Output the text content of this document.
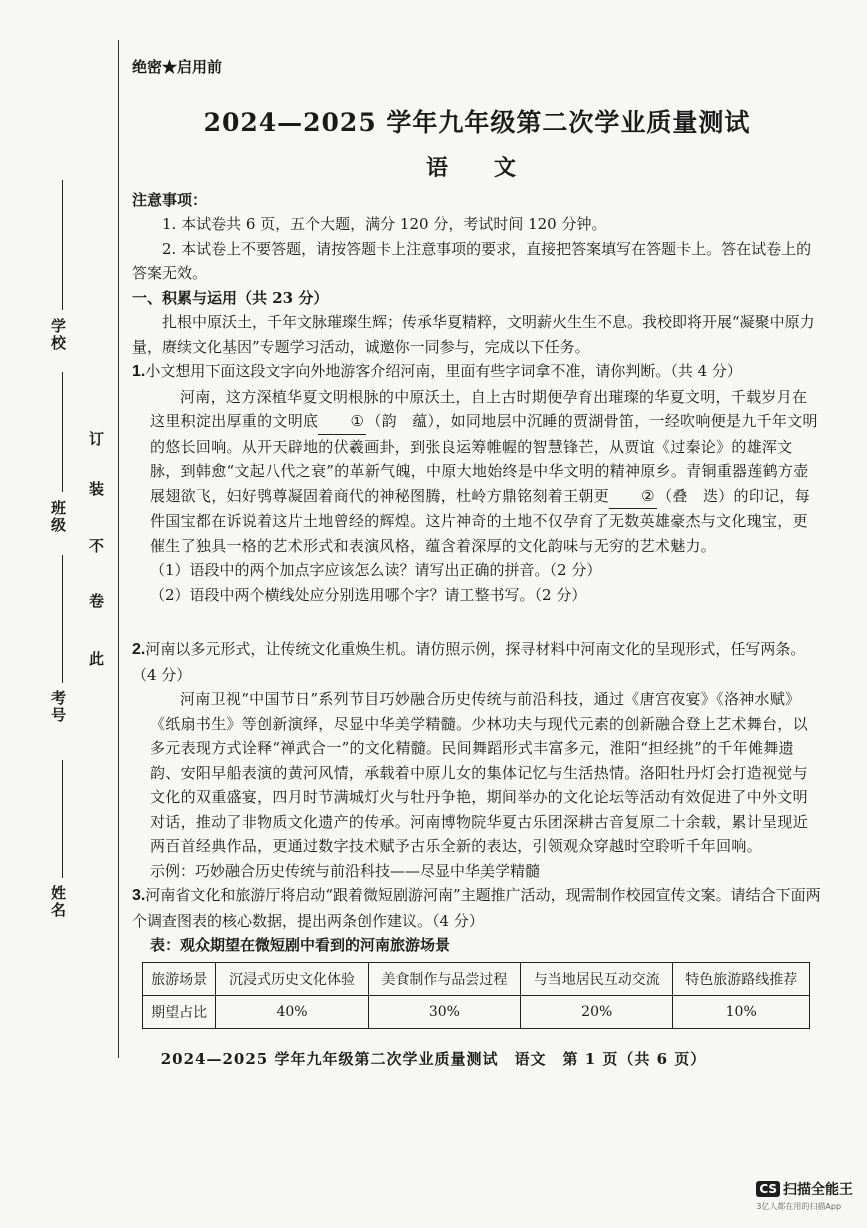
学校
班级
考号
姓名
订
装
不
卷
此
绝密★启用前
2024—2025 学年九年级第二次学业质量测试
语　文
注意事项：
1. 本试卷共 6 页，五个大题，满分 120 分，考试时间 120 分钟。
2. 本试卷上不要答题，请按答题卡上注意事项的要求，直接把答案填写在答题卡上。答在试卷上的答案无效。
一、积累与运用（共 23 分）
扎根中原沃土，千年文脉璀璨生辉；传承华夏精粹，文明薪火生生不息。我校即将开展“凝聚中原力量，赓续文化基因”专题学习活动，诚邀你一同参与，完成以下任务。
1.小文想用下面这段文字向外地游客介绍河南，里面有些字词拿不准，请你判断。（共 4 分）
河南，这方深植华夏文明根脉的中原沃土，自上古时期便孕育出璀璨的华夏文明，千载岁月在这里积淀出厚重的文明底 ① （韵　蕴），如同地层中沉睡的贾湖骨笛，一经吹响便是九千年文明的悠长回响。从开天辟地的伏羲画卦，到张良运筹帷幄的智慧锋芒，从贾谊《过秦论》的雄浑文脉，到韩愈“文起八代之衰”的革新气魄，中原大地始终是中华文明的精神原乡。青铜重器莲鹤方壶展翅欲飞，妇好鸮尊凝固着商代的神秘图腾，杜岭方鼎铭刻着王朝更 ② （叠　迭）的印记，每件国宝都在诉说着这片土地曾经的辉煌。这片神奇的土地不仅孕育了无数英雄豪杰与文化瑰宝，更催生了独具一格的艺术形式和表演风格，蕴含着深厚的文化韵味与无穷的艺术魅力。
（1）语段中的两个加点字应该怎么读？请写出正确的拼音。（2 分）
（2）语段中两个横线处应分别选用哪个字？请工整书写。（2 分）
2.河南以多元形式，让传统文化重焕生机。请仿照示例，探寻材料中河南文化的呈现形式，任写两条。（4 分）
河南卫视“中国节日”系列节目巧妙融合历史传统与前沿科技，通过《唐宫夜宴》《洛神水赋》《纸扇书生》等创新演绎，尽显中华美学精髓。少林功夫与现代元素的创新融合登上艺术舞台，以多元表现方式诠释“禅武合一”的文化精髓。民间舞蹈形式丰富多元，淮阳“担经挑”的千年傩舞遗韵、安阳早船表演的黄河风情，承载着中原儿女的集体记忆与生活热情。洛阳牡丹灯会打造视觉与文化的双重盛宴，四月时节满城灯火与牡丹争艳，期间举办的文化论坛等活动有效促进了中外文明对话，推动了非物质文化遗产的传承。河南博物院华夏古乐团深耕古音复原二十余载，累计呈现近两百首经典作品，更通过数字技术赋予古乐全新的表达，引领观众穿越时空聆听千年回响。
示例：巧妙融合历史传统与前沿科技——尽显中华美学精髓
3.河南省文化和旅游厅将启动“跟着微短剧游河南”主题推广活动，现需制作校园宣传文案。请结合下面两个调查图表的核心数据，提出两条创作建议。（4 分）
表：观众期望在微短剧中看到的河南旅游场景
旅游场景	沉浸式历史文化体验	美食制作与品尝过程	与当地居民互动交流	特色旅游路线推荐
期望占比	40%	30%	20%	10%
2024—2025 学年九年级第二次学业质量测试　语文　第 1 页（共 6 页）
CS 扫描全能王
3亿人都在用的扫描App
